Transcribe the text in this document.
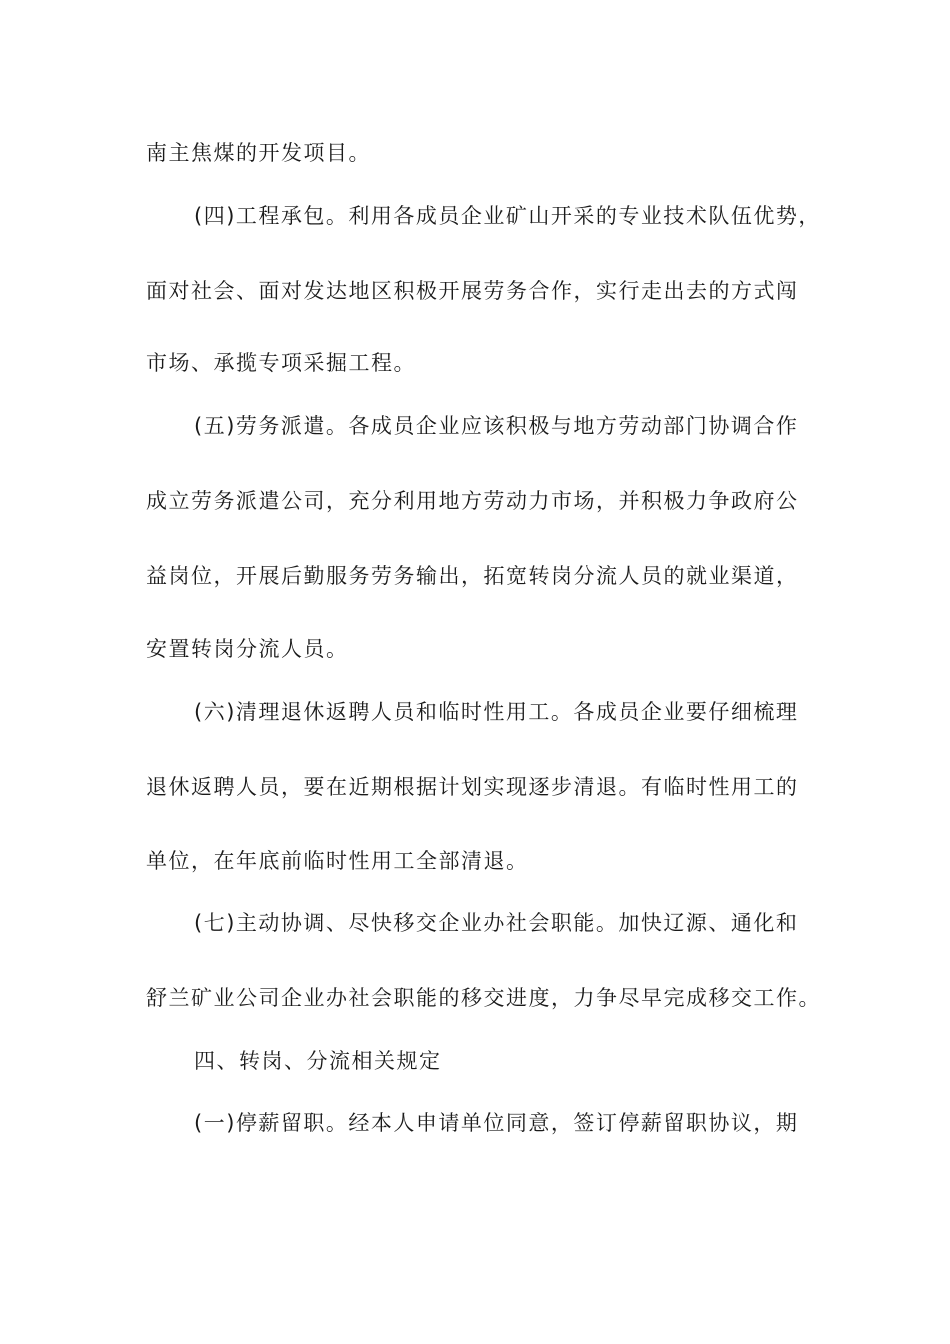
南主焦煤的开发项目。
(四)工程承包。利用各成员企业矿山开采的专业技术队伍优势，
面对社会、面对发达地区积极开展劳务合作，实行走出去的方式闯
市场、承揽专项采掘工程。
(五)劳务派遣。各成员企业应该积极与地方劳动部门协调合作
成立劳务派遣公司，充分利用地方劳动力市场，并积极力争政府公
益岗位，开展后勤服务劳务输出，拓宽转岗分流人员的就业渠道，
安置转岗分流人员。
(六)清理退休返聘人员和临时性用工。各成员企业要仔细梳理
退休返聘人员，要在近期根据计划实现逐步清退。有临时性用工的
单位，在年底前临时性用工全部清退。
(七)主动协调、尽快移交企业办社会职能。加快辽源、通化和
舒兰矿业公司企业办社会职能的移交进度，力争尽早完成移交工作。
四、转岗、分流相关规定
(一)停薪留职。经本人申请单位同意，签订停薪留职协议，期
